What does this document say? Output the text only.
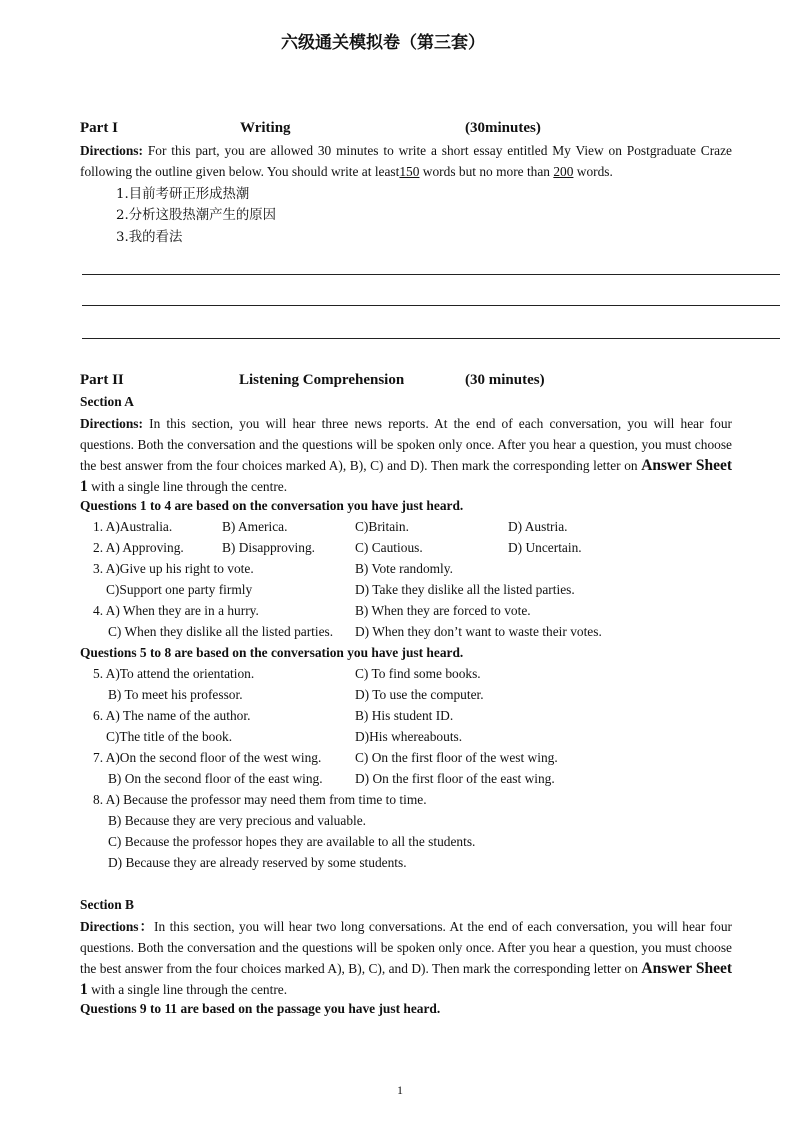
六级通关模拟卷（第三套）
Part I	Writing	(30minutes)
Directions: For this part, you are allowed 30 minutes to write a short essay entitled My View on Postgraduate Craze following the outline given below. You should write at least150 words but no more than 200 words.
1.目前考研正形成热潮
2.分析这股热潮产生的原因
3.我的看法
Part II	Listening Comprehension	(30 minutes)
Section A
Directions: In this section, you will hear three news reports. At the end of each conversation, you will hear four questions. Both the conversation and the questions will be spoken only once. After you hear a question, you must choose the best answer from the four choices marked A), B), C) and D). Then mark the corresponding letter on Answer Sheet 1 with a single line through the centre.
Questions 1 to 4 are based on the conversation you have just heard.
1. A)Australia.	B) America.	C)Britain.	D) Austria.
2. A) Approving.	B) Disapproving.	C) Cautious.	D) Uncertain.
3. A)Give up his right to vote.	B) Vote randomly.
C)Support one party firmly	D) Take they dislike all the listed parties.
4. A) When they are in a hurry.	B) When they are forced to vote.
C) When they dislike all the listed parties. D) When they don’t want to waste their votes.
Questions 5 to 8 are based on the conversation you have just heard.
5. A)To attend the orientation.	C) To find some books.
B) To meet his professor.	D) To use the computer.
6. A) The name of the author.	B) His student ID.
C)The title of the book.	D)His whereabouts.
7. A)On the second floor of the west wing.	C) On the first floor of the west wing.
B) On the second floor of the east wing. D) On the first floor of the east wing.
8. A) Because the professor may need them from time to time.
B) Because they are very precious and valuable.
C) Because the professor hopes they are available to all the students.
D) Because they are already reserved by some students.
Section B
Directions：In this section, you will hear two long conversations. At the end of each conversation, you will hear four questions. Both the conversation and the questions will be spoken only once. After you hear a question, you must choose the best answer from the four choices marked A), B), C), and D). Then mark the corresponding letter on Answer Sheet 1 with a single line through the centre.
Questions 9 to 11 are based on the passage you have just heard.
1
